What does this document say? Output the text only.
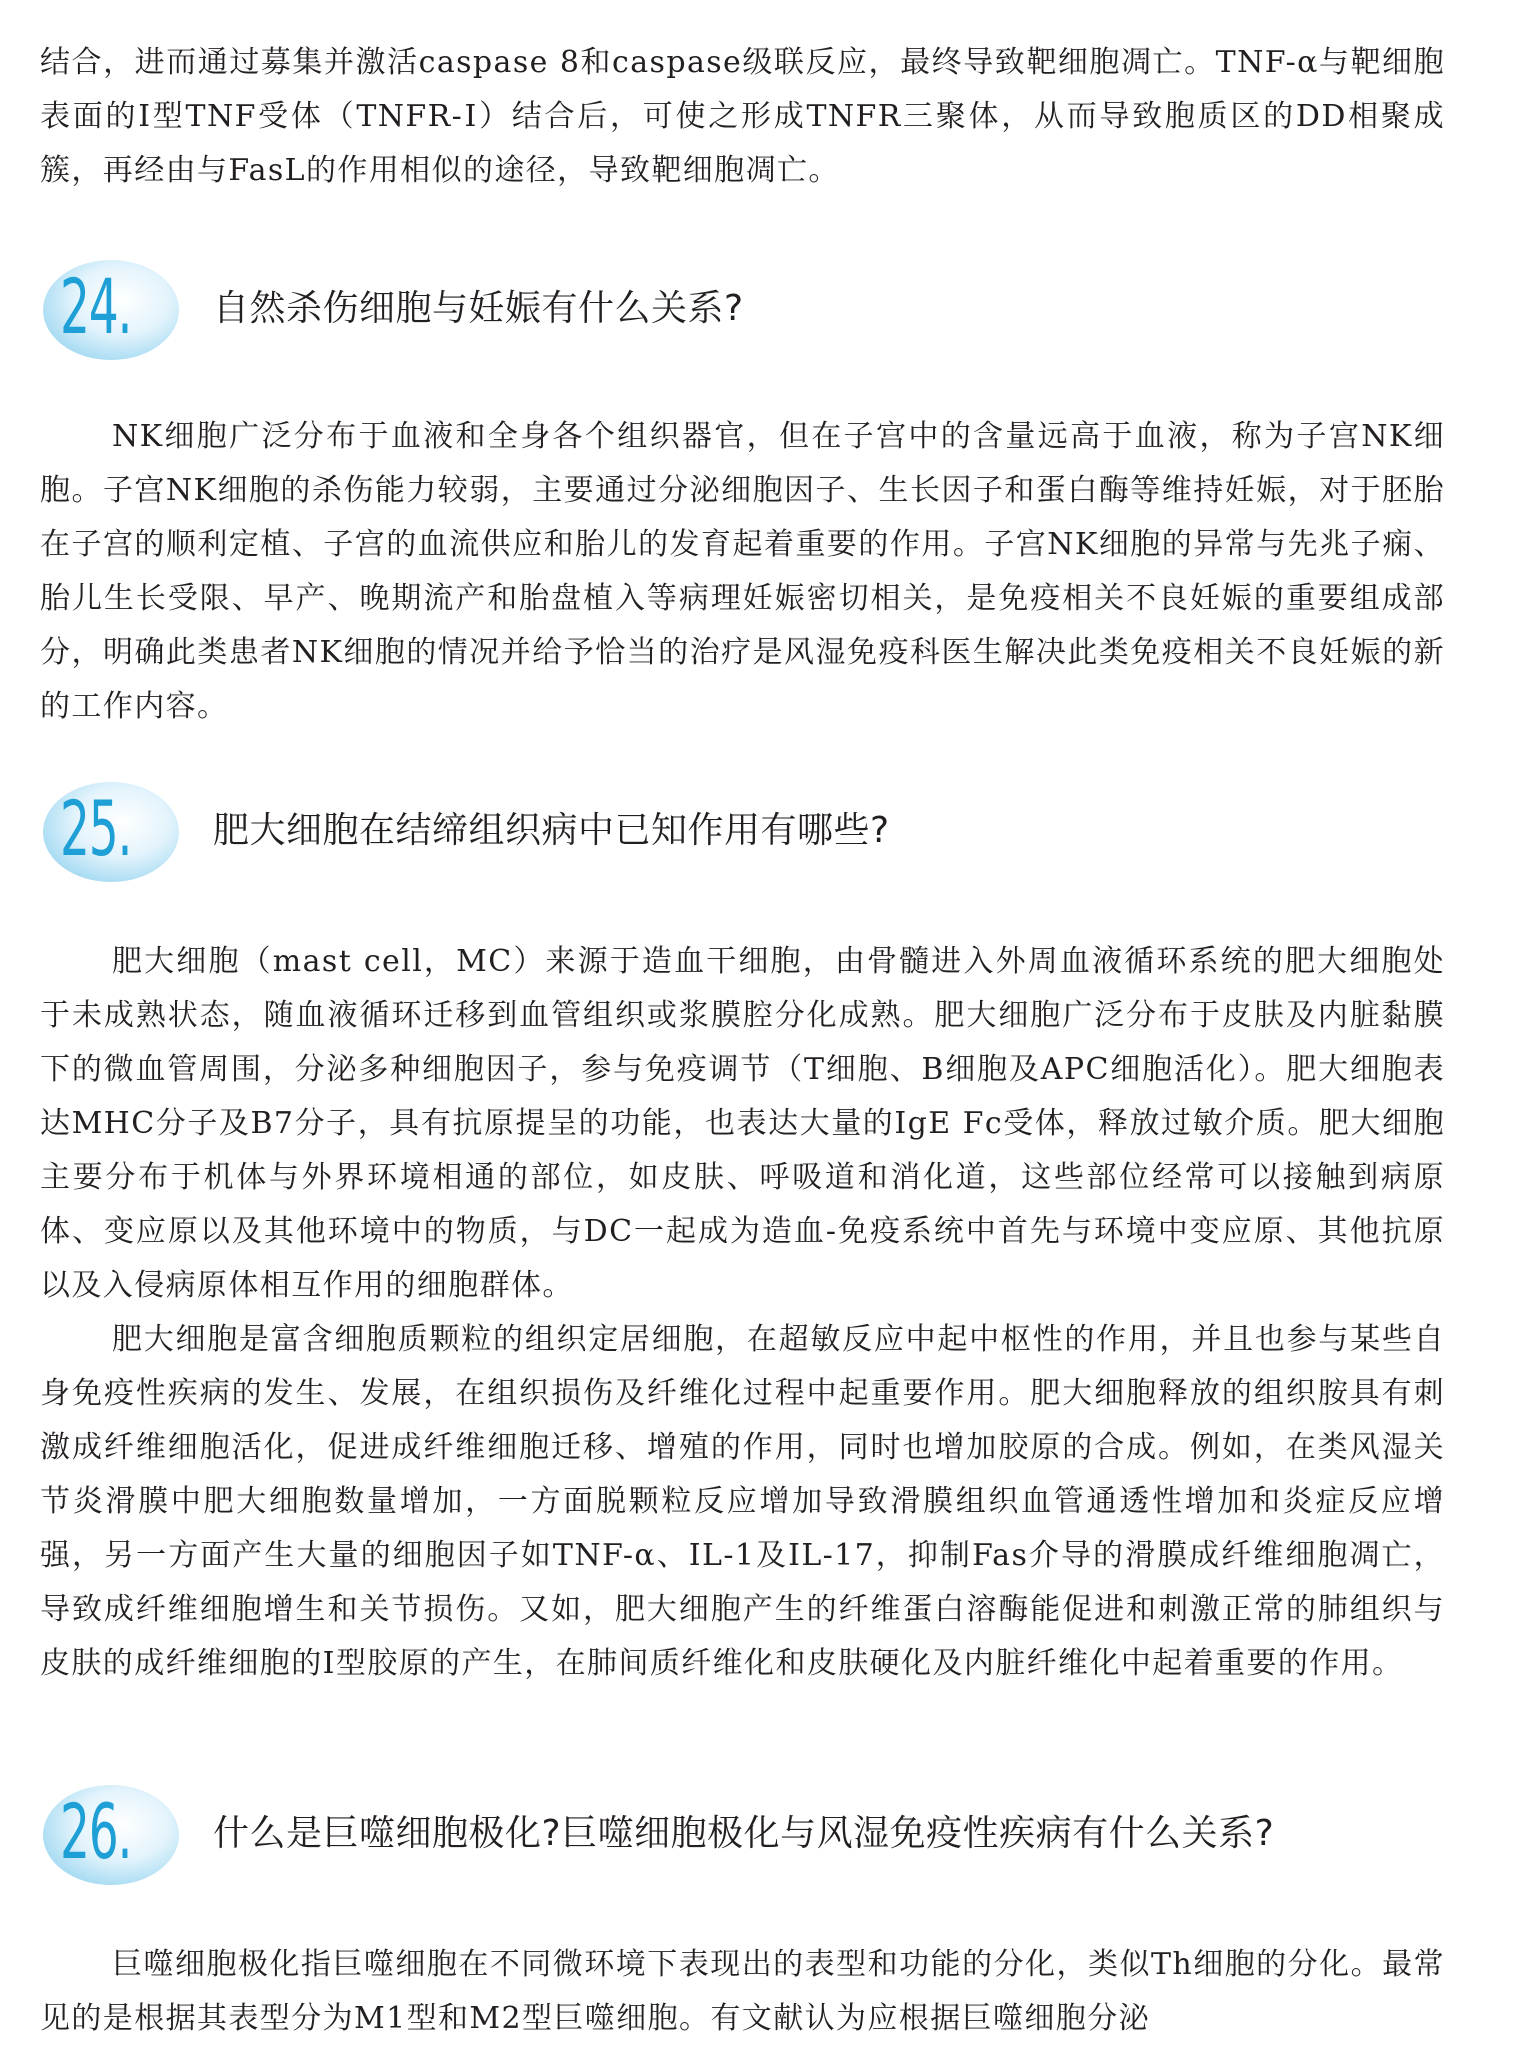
结合，进而通过募集并激活caspase 8和caspase级联反应，最终导致靶细胞凋亡。TNF-α与靶细胞表面的Ⅰ型TNF受体（TNFR-Ⅰ）结合后，可使之形成TNFR三聚体，从而导致胞质区的DD相聚成簇，再经由与FasL的作用相似的途径，导致靶细胞凋亡。

24. 自然杀伤细胞与妊娠有什么关系?

NK细胞广泛分布于血液和全身各个组织器官，但在子宫中的含量远高于血液，称为子宫NK细胞。子宫NK细胞的杀伤能力较弱，主要通过分泌细胞因子、生长因子和蛋白酶等维持妊娠，对于胚胎在子宫的顺利定植、子宫的血流供应和胎儿的发育起着重要的作用。子宫NK细胞的异常与先兆子痫、胎儿生长受限、早产、晚期流产和胎盘植入等病理妊娠密切相关，是免疫相关不良妊娠的重要组成部分，明确此类患者NK细胞的情况并给予恰当的治疗是风湿免疫科医生解决此类免疫相关不良妊娠的新的工作内容。

25. 肥大细胞在结缔组织病中已知作用有哪些?

肥大细胞（mast cell，MC）来源于造血干细胞，由骨髓进入外周血液循环系统的肥大细胞处于未成熟状态，随血液循环迁移到血管组织或浆膜腔分化成熟。肥大细胞广泛分布于皮肤及内脏黏膜下的微血管周围，分泌多种细胞因子，参与免疫调节（T细胞、B细胞及APC细胞活化）。肥大细胞表达MHC分子及B7分子，具有抗原提呈的功能，也表达大量的IgE Fc受体，释放过敏介质。肥大细胞主要分布于机体与外界环境相通的部位，如皮肤、呼吸道和消化道，这些部位经常可以接触到病原体、变应原以及其他环境中的物质，与DC一起成为造血-免疫系统中首先与环境中变应原、其他抗原以及入侵病原体相互作用的细胞群体。

肥大细胞是富含细胞质颗粒的组织定居细胞，在超敏反应中起中枢性的作用，并且也参与某些自身免疫性疾病的发生、发展，在组织损伤及纤维化过程中起重要作用。肥大细胞释放的组织胺具有刺激成纤维细胞活化，促进成纤维细胞迁移、增殖的作用，同时也增加胶原的合成。例如，在类风湿关节炎滑膜中肥大细胞数量增加，一方面脱颗粒反应增加导致滑膜组织血管通透性增加和炎症反应增强，另一方面产生大量的细胞因子如TNF-α、IL-1及IL-17，抑制Fas介导的滑膜成纤维细胞凋亡，导致成纤维细胞增生和关节损伤。又如，肥大细胞产生的纤维蛋白溶酶能促进和刺激正常的肺组织与皮肤的成纤维细胞的Ⅰ型胶原的产生，在肺间质纤维化和皮肤硬化及内脏纤维化中起着重要的作用。

26. 什么是巨噬细胞极化?巨噬细胞极化与风湿免疫性疾病有什么关系?

巨噬细胞极化指巨噬细胞在不同微环境下表现出的表型和功能的分化，类似Th细胞的分化。最常见的是根据其表型分为M1型和M2型巨噬细胞。有文献认为应根据巨噬细胞分泌
